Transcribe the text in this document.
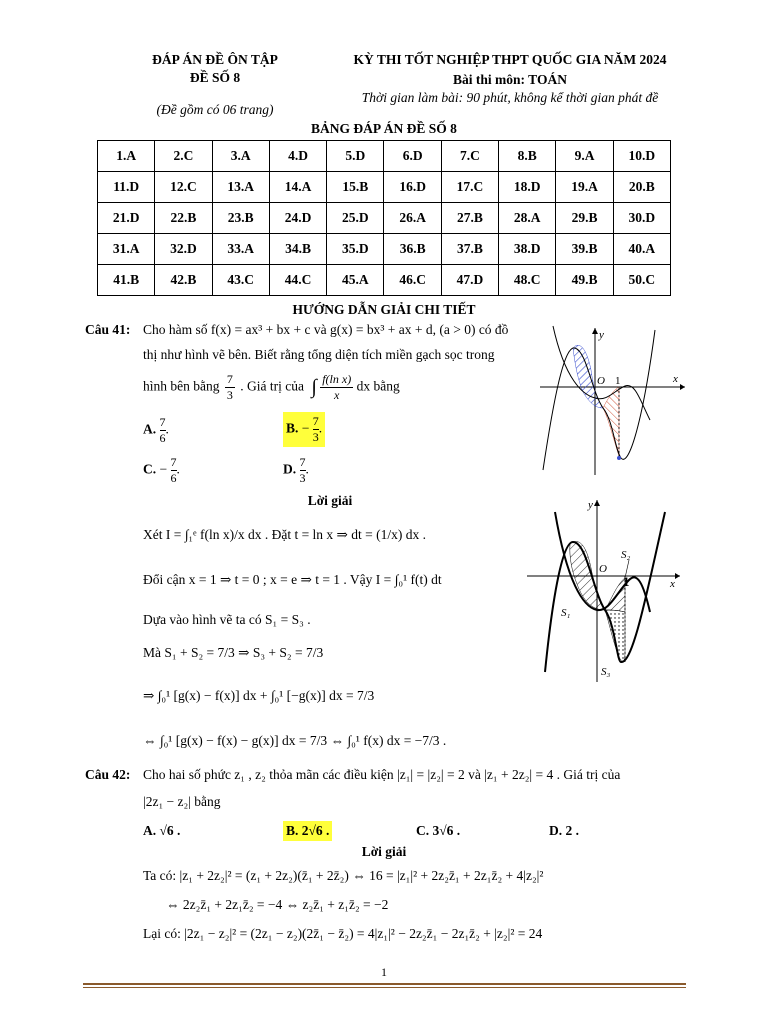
ĐÁP ÁN ĐỀ ÔN TẬP
ĐỀ SỐ 8
(Đề gồm có 06 trang)
KỲ THI TỐT NGHIỆP THPT QUỐC GIA NĂM 2024
Bài thi môn: TOÁN
Thời gian làm bài: 90 phút, không kể thời gian phát đề
BẢNG ĐÁP ÁN ĐỀ SỐ 8
1.A	2.C	3.A	4.D	5.D	6.D	7.C	8.B	9.A	10.D
11.D	12.C	13.A	14.A	15.B	16.D	17.C	18.D	19.A	20.B
21.D	22.B	23.B	24.D	25.D	26.A	27.B	28.A	29.B	30.D
31.A	32.D	33.A	34.B	35.D	36.B	37.B	38.D	39.B	40.A
41.B	42.B	43.C	44.C	45.A	46.C	47.D	48.C	49.B	50.C
HƯỚNG DẪN GIẢI CHI TIẾT
Câu 41: Cho hàm số f(x) = ax³ + bx + c và g(x) = bx³ + ax + d, (a > 0) có đồ
thị như hình vẽ bên. Biết rằng tổng diện tích miền gạch sọc trong
hình bên bằng $\frac{7}{3}$ . Giá trị của ∫ $\frac{\text{f(ln x)}}{x}$ dx bằng
A. $\frac{7}{6}$ .	B. − $\frac{7}{3}$ .
C. − $\frac{7}{6}$ .	D. $\frac{7}{3}$ .
Lời giải
Xét I = ∫₁ᵉ f(ln x)/x dx . Đặt t = ln x ⇒ dt = (1/x) dx .
Đổi cận x = 1 ⇒ t = 0 ; x = e ⇒ t = 1 . Vậy I = ∫₀¹ f(t) dt
Dựa vào hình vẽ ta có S₁ = S₃ .
Mà S₁ + S₂ = 7/3 ⇒ S₃ + S₂ = 7/3
⇒ ∫₀¹ [g(x) − f(x)] dx + ∫₀¹ [−g(x)] dx = 7/3
⇔ ∫₀¹ [g(x) − f(x) − g(x)] dx = 7/3 ⇔ ∫₀¹ f(x) dx = −7/3 .
y
x
O 1
y
x
O
1
S₁
S₂
S₃
Câu 42: Cho hai số phức z₁ , z₂ thỏa mãn các điều kiện |z₁| = |z₂| = 2 và |z₁ + 2z₂| = 4 . Giá trị của
|2z₁ − z₂| bằng
A. √6 .	B. 2√6 .	C. 3√6 .	D. 2 .
Lời giải
Ta có: |z₁ + 2z₂|² = (z₁ + 2z₂)(z̄₁ + 2z̄₂) ⇔ 16 = |z₁|² + 2z₂z̄₁ + 2z₁z̄₂ + 4|z₂|²
⇔ 2z₂z̄₁ + 2z₁z̄₂ = −4 ⇔ z₂z̄₁ + z₁z̄₂ = −2
Lại có: |2z₁ − z₂|² = (2z₁ − z₂)(2z̄₁ − z̄₂) = 4|z₁|² − 2z₂z̄₁ − 2z₁z̄₂ + |z₂|² = 24
1
